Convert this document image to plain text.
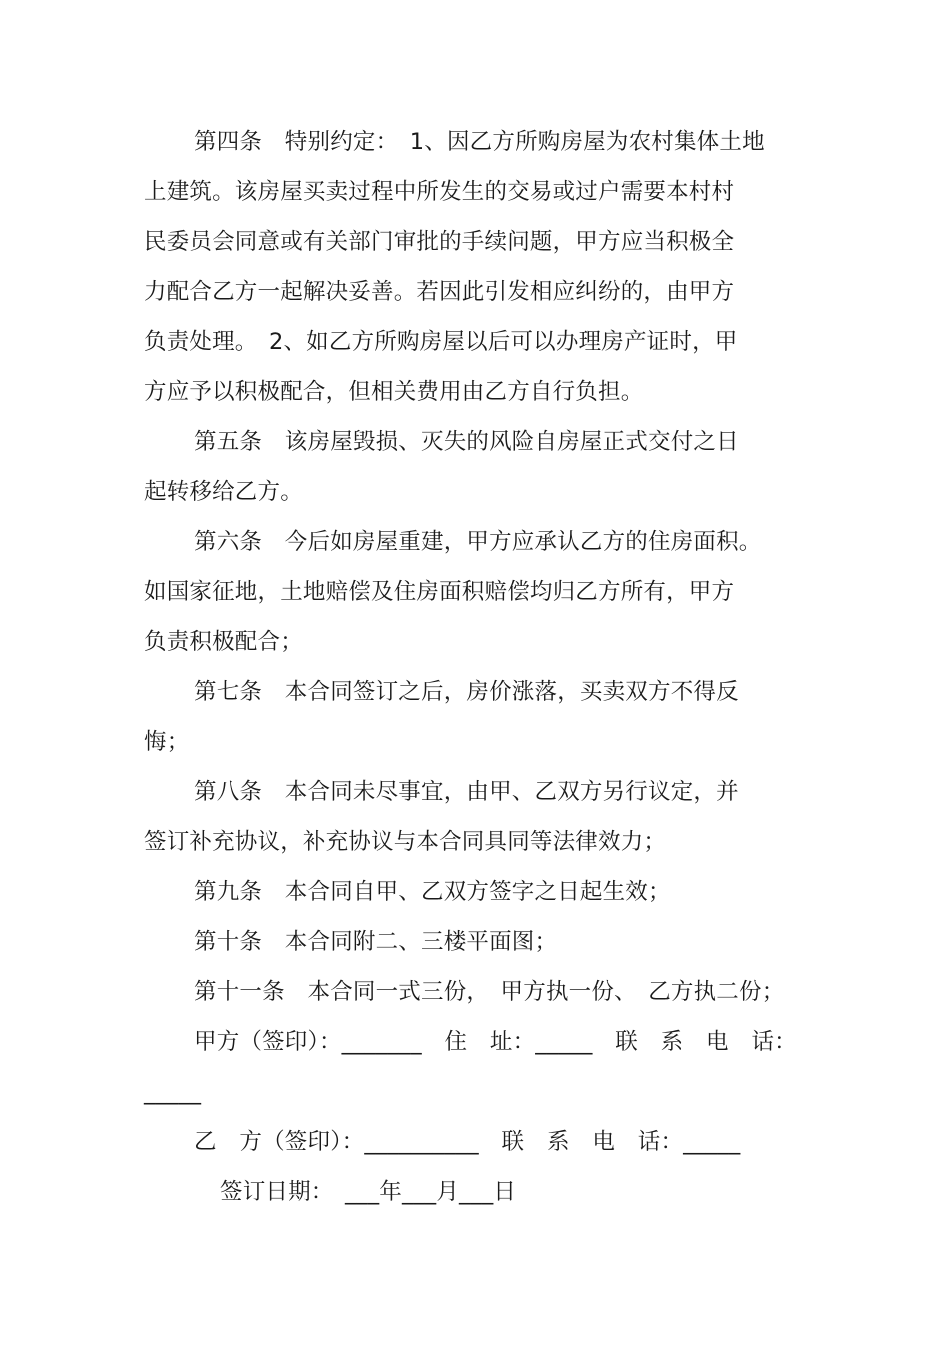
第四条　特别约定：　1、因乙方所购房屋为农村集体土地
上建筑。该房屋买卖过程中所发生的交易或过户需要本村村
民委员会同意或有关部门审批的手续问题，甲方应当积极全
力配合乙方一起解决妥善。若因此引发相应纠纷的，由甲方
负责处理。　2、如乙方所购房屋以后可以办理房产证时，甲
方应予以积极配合，但相关费用由乙方自行负担。
第五条　该房屋毁损、灭失的风险自房屋正式交付之日
起转移给乙方。
第六条　今后如房屋重建，甲方应承认乙方的住房面积。
如国家征地，土地赔偿及住房面积赔偿均归乙方所有，甲方
负责积极配合；
第七条　本合同签订之后，房价涨落，买卖双方不得反
悔；
第八条　本合同未尽事宜，由甲、乙双方另行议定，并
签订补充协议，补充协议与本合同具同等法律效力；
第九条　本合同自甲、乙双方签字之日起生效；
第十条　本合同附二、三楼平面图；
第十一条　本合同一式三份，　甲方执一份、　乙方执二份；
甲方（签印）：_______　住　址：_____　联　系　电　话：
_____
乙　方（签印）：__________　联　系　电　话：_____
签订日期：　___年___月___日
